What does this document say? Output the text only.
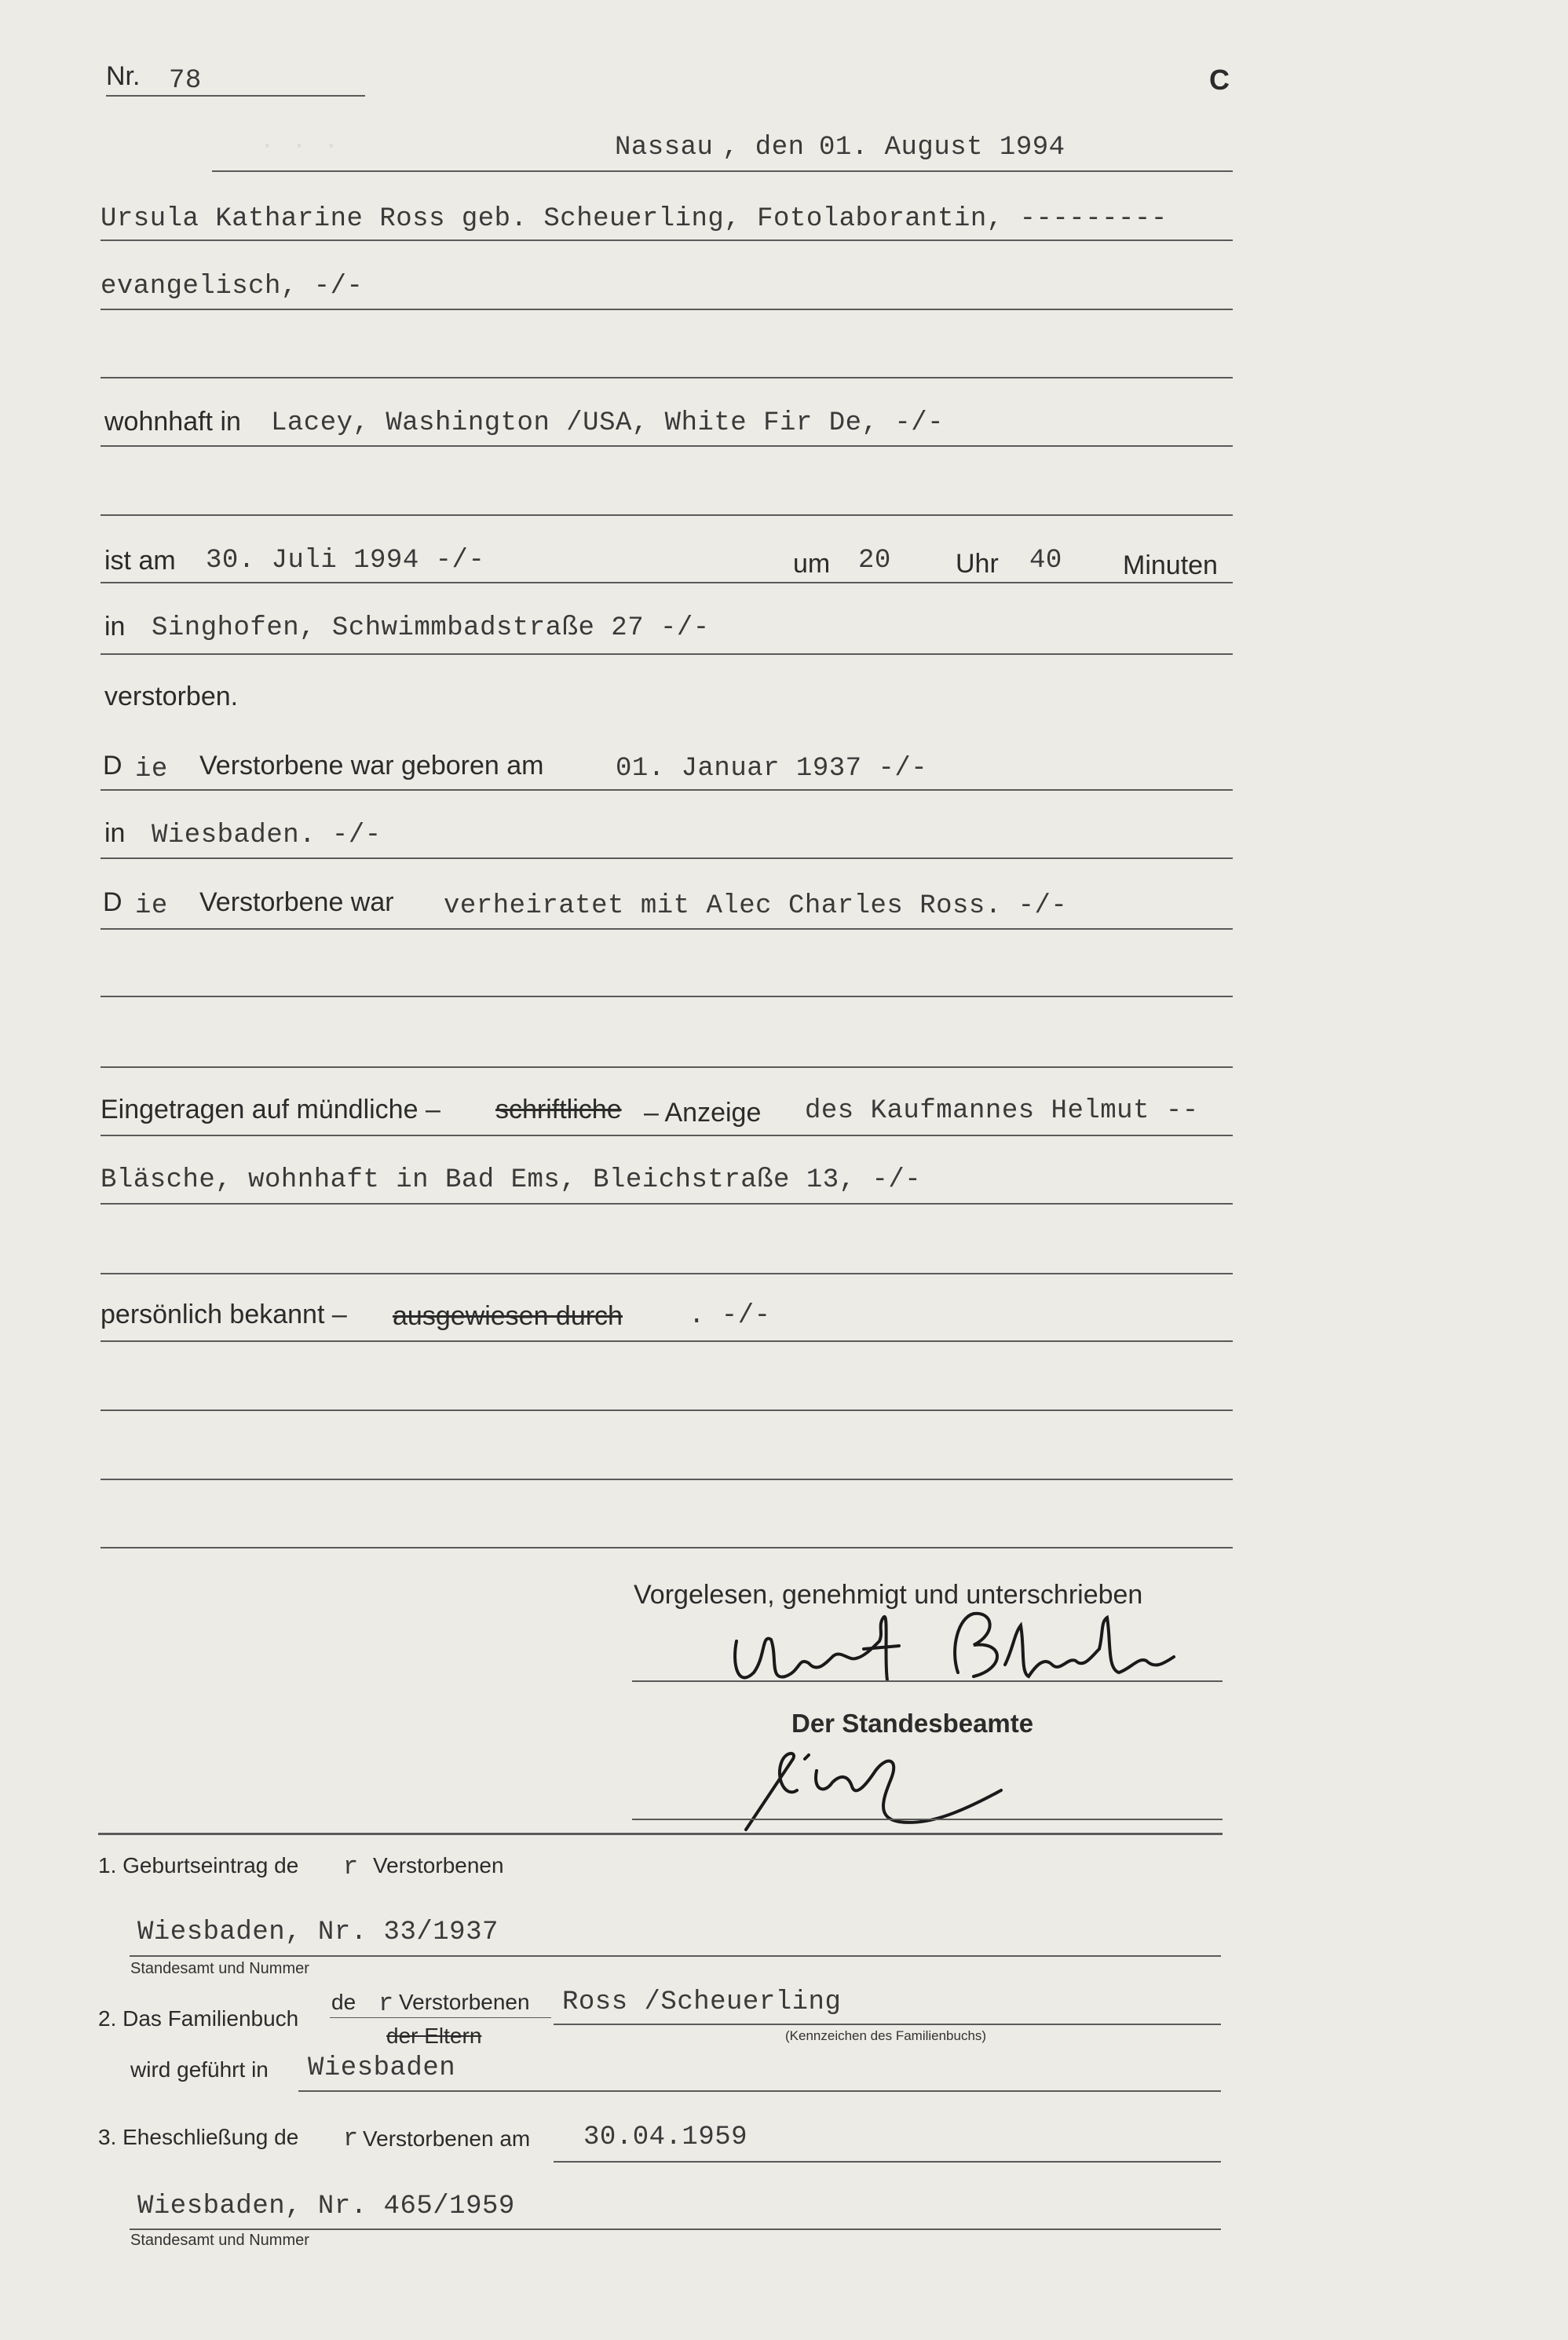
· · ·
Nr. 78	C
Nassau , den 01. August 1994
Ursula Katharine Ross geb. Scheuerling, Fotolaborantin, ---------
evangelisch, -/-
wohnhaft in Lacey, Washington /USA, White Fir De, -/-
ist am 30. Juli 1994 -/-	um 20 Uhr 40 Minuten
in Singhofen, Schwimmbadstraße 27 -/-
verstorben.
D ie Verstorbene war geboren am	01. Januar 1937 -/-
in Wiesbaden. -/-
D ie Verstorbene war verheiratet mit Alec Charles Ross. -/-
Eingetragen auf mündliche – schriftliche – Anzeige des Kaufmannes Helmut --
Bläsche, wohnhaft in Bad Ems, Bleichstraße 13, -/-
persönlich bekannt – ausgewiesen durch . -/-
Vorgelesen, genehmigt und unterschrieben
Der Standesbeamte
1. Geburtseintrag de r Verstorbenen
Wiesbaden, Nr. 33/1937
Standesamt und Nummer
2. Das Familienbuch
de r Verstorbenen
der Eltern
Ross /Scheuerling
(Kennzeichen des Familienbuchs)
wird geführt in Wiesbaden
3. Eheschließung de r Verstorbenen am 30.04.1959
Wiesbaden, Nr. 465/1959
Standesamt und Nummer
